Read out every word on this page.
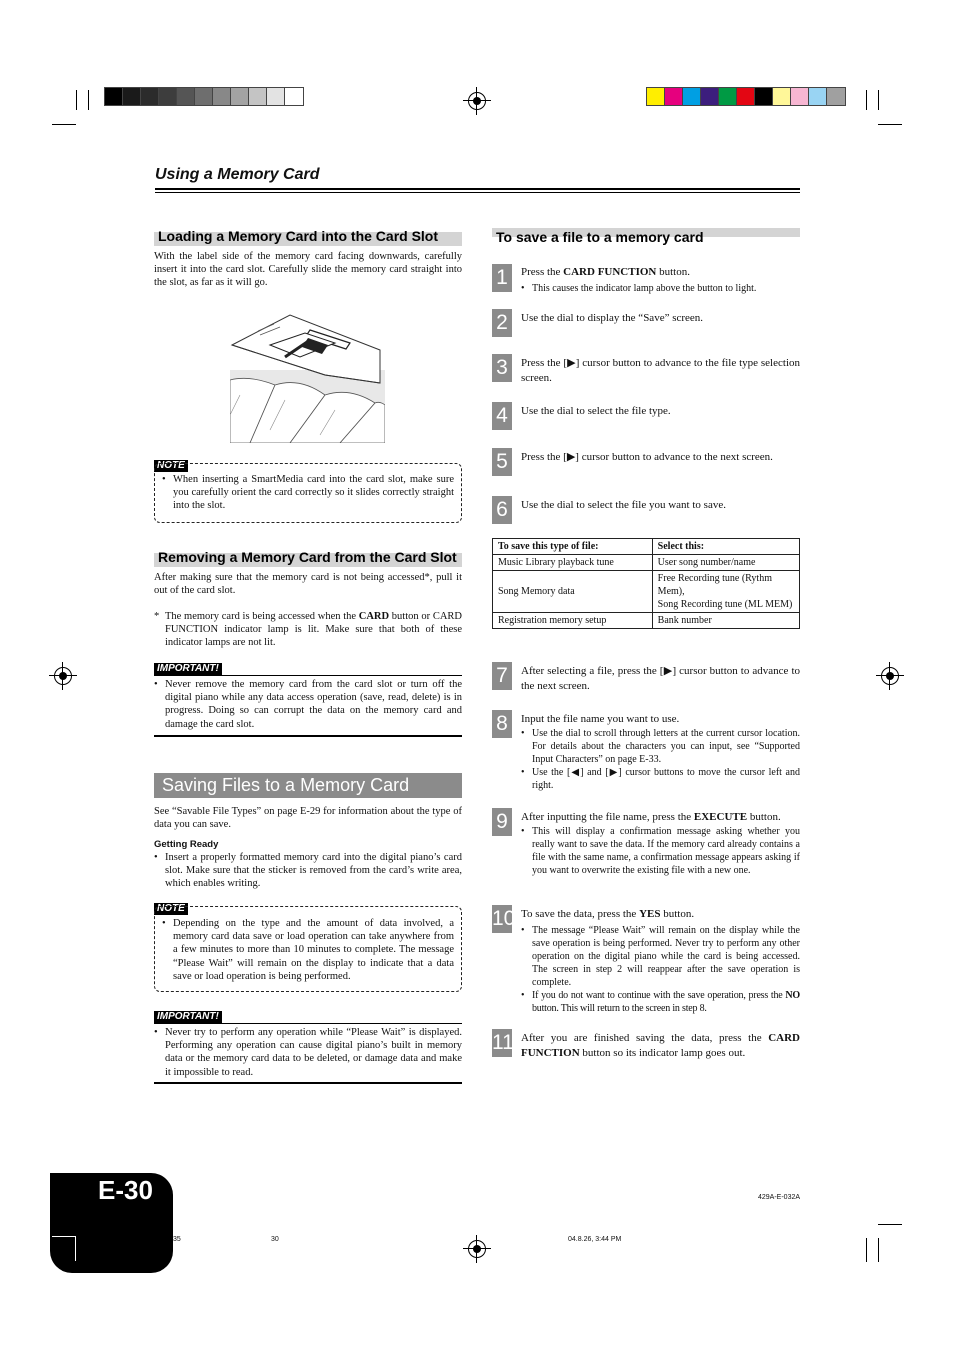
Using a Memory Card
Loading a Memory Card into the Card Slot
With the label side of the memory card facing downwards, carefully insert it into the card slot. Carefully slide the memory card straight into the slot, as far as it will go.
NOTE
• When inserting a SmartMedia card into the card slot, make sure you carefully orient the card correctly so it slides correctly straight into the slot.
Removing a Memory Card from the Card Slot
After making sure that the memory card is not being accessed*, pull it out of the card slot.
* The memory card is being accessed when the CARD button or CARD FUNCTION indicator lamp is lit. Make sure that both of these indicator lamps are not lit.
IMPORTANT!
• Never remove the memory card from the card slot or turn off the digital piano while any data access operation (save, read, delete) is in progress. Doing so can corrupt the data on the memory card and damage the card slot.
Saving Files to a Memory Card
See “Savable File Types” on page E-29 for information about the type of data you can save.
Getting Ready
• Insert a properly formatted memory card into the digital piano’s card slot. Make sure that the sticker is removed from the card’s write area, which enables writing.
NOTE
• Depending on the type and the amount of data involved, a memory card data save or load operation can take anywhere from a few minutes to more than 10 minutes to complete. The message “Please Wait” will remain on the display to indicate that a data save or load operation is being performed.
IMPORTANT!
• Never try to perform any operation while “Please Wait” is displayed. Performing any operation can cause digital piano’s built in memory data or the memory card data to be deleted, or damage data and make it impossible to read.
To save a file to a memory card
1	Press the CARD FUNCTION button.
• This causes the indicator lamp above the button to light.
2	Use the dial to display the “Save” screen.
3	Press the [▶] cursor button to advance to the file type selection screen.
4	Use the dial to select the file type.
5	Press the [▶] cursor button to advance to the next screen.
6	Use the dial to select the file you want to save.
To save this type of file:	Select this:
Music Library playback tune	User song number/name
Song Memory data	Free Recording tune (Rythm Mem),
Song Recording tune (ML MEM)
Registration memory setup	Bank number
7	After selecting a file, press the [▶] cursor button to advance to the next screen.
8	Input the file name you want to use.
• Use the dial to scroll through letters at the current cursor location. For details about the characters you can input, see “Supported Input Characters” on page E-33.
• Use the [◀] and [▶] cursor buttons to move the cursor left and right.
9	After inputting the file name, press the EXECUTE button.
• This will display a confirmation message asking whether you really want to save the data. If the memory card already contains a file with the same name, a confirmation message appears asking if you want to overwrite the existing file with a new one.
10 To save the data, press the YES button.
• The message “Please Wait” will remain on the display while the save operation is being performed. Never try to perform any other operation on the digital piano while the card is being accessed. The screen in step 2 will reappear after the save operation is complete.
• If you do not want to continue with the save operation, press the NO button. This will return to the screen in step 8.
11 After you are finished saving the data, press the CARD FUNCTION button so its indicator lamp goes out.
E-30	429A-E-032A
35	30	04.8.26, 3:44 PM
